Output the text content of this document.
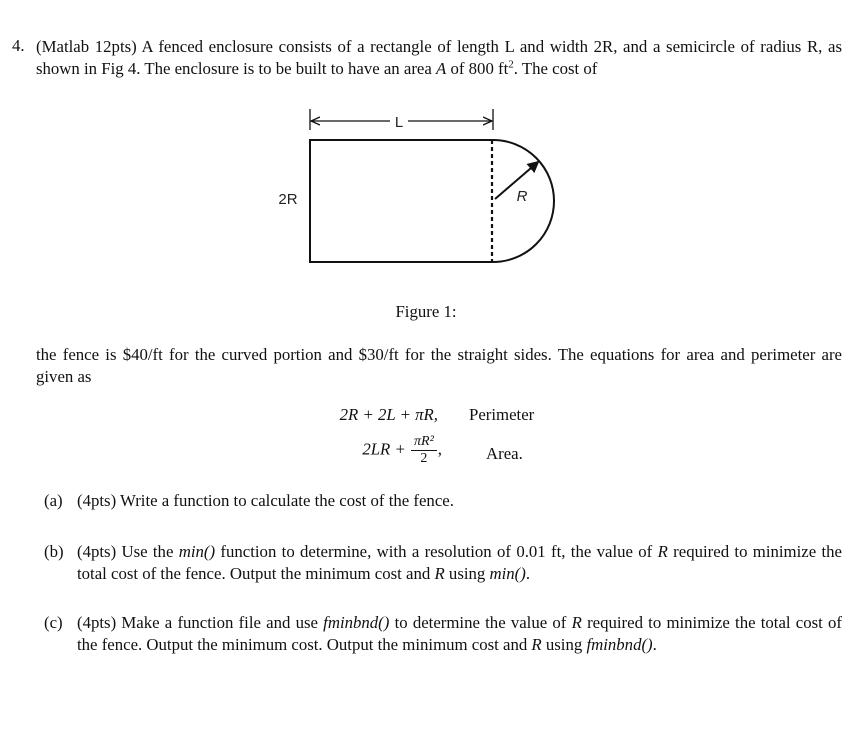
4. (Matlab 12pts) A fenced enclosure consists of a rectangle of length L and width 2R, and a semicircle of radius R, as shown in Fig 4. The enclosure is to be built to have an area A of 800 $ft^2$. The cost of

L
2R	R
Figure 1:

the fence is $40/ft for the curved portion and $30/ft for the straight sides. The equations for area and perimeter are given as

2R + 2L + πR, Perimeter
$2LR + \frac{\text{πR²}}{2}$ ,	Area.
(a) (4pts) Write a function to calculate the cost of the fence.
(b) (4pts) Use the min() function to determine, with a resolution of 0.01 ft, the value of R required to minimize the total cost of the fence. Output the minimum cost and R using min().
(c) (4pts) Make a function file and use fminbnd() to determine the value of R required to minimize the total cost of the fence. Output the minimum cost. Output the minimum cost and R using fminbnd().
